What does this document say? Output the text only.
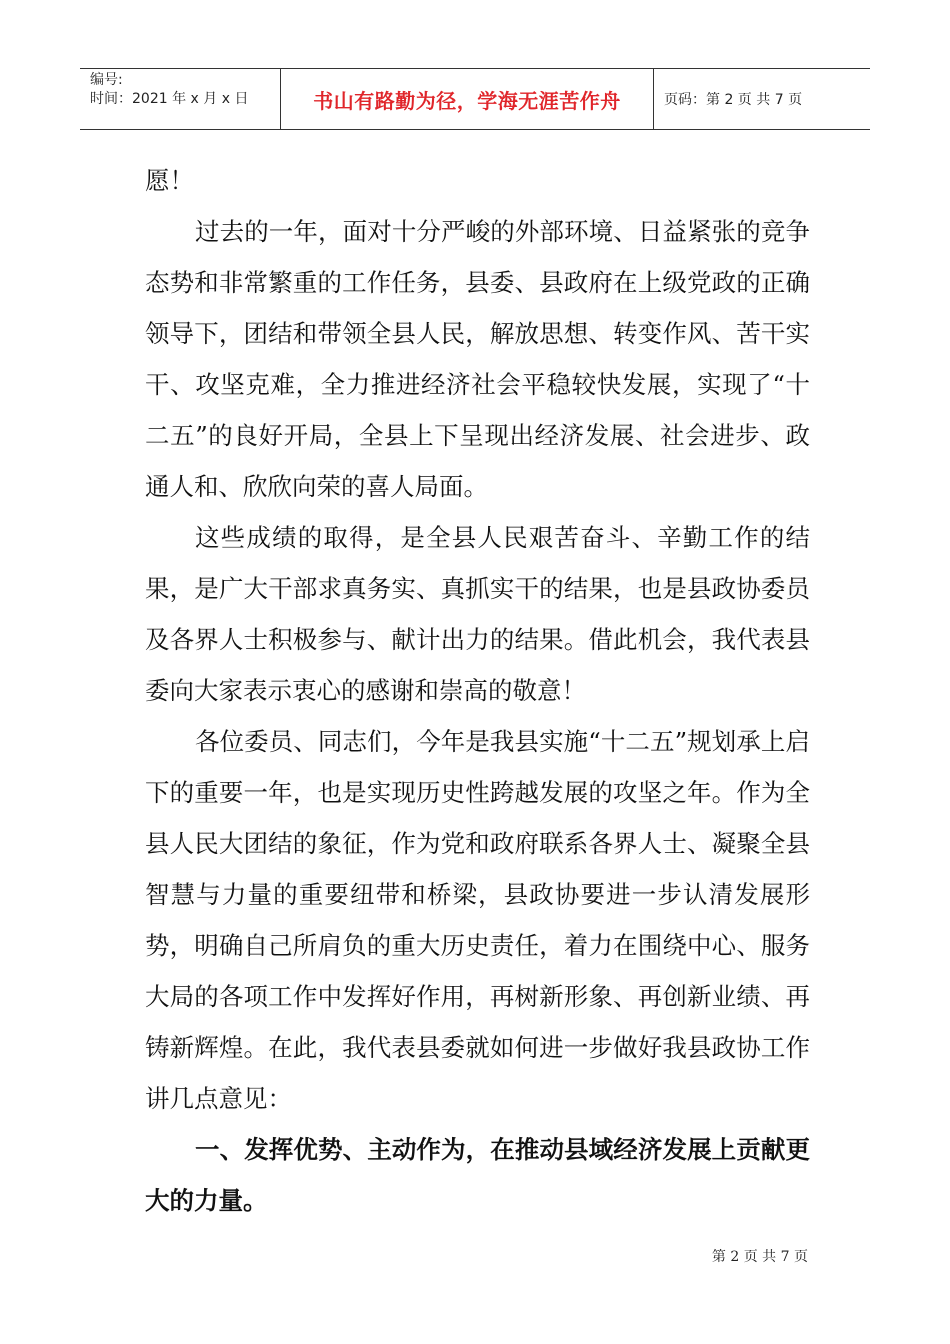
编号:
时间：2021 年 x 月 x 日	书山有路勤为径，学海无涯苦作舟	页码：第 2 页 共 7 页

愿！

过去的一年，面对十分严峻的外部环境、日益紧张的竞争态势和非常繁重的工作任务，县委、县政府在上级党政的正确领导下，团结和带领全县人民，解放思想、转变作风、苦干实干、攻坚克难，全力推进经济社会平稳较快发展，实现了“十二五”的良好开局，全县上下呈现出经济发展、社会进步、政通人和、欣欣向荣的喜人局面。

这些成绩的取得，是全县人民艰苦奋斗、辛勤工作的结果，是广大干部求真务实、真抓实干的结果，也是县政协委员及各界人士积极参与、献计出力的结果。借此机会，我代表县委向大家表示衷心的感谢和崇高的敬意！

各位委员、同志们，今年是我县实施“十二五”规划承上启下的重要一年，也是实现历史性跨越发展的攻坚之年。作为全县人民大团结的象征，作为党和政府联系各界人士、凝聚全县智慧与力量的重要纽带和桥梁，县政协要进一步认清发展形势，明确自己所肩负的重大历史责任，着力在围绕中心、服务大局的各项工作中发挥好作用，再树新形象、再创新业绩、再铸新辉煌。在此，我代表县委就如何进一步做好我县政协工作讲几点意见：

一、发挥优势、主动作为，在推动县域经济发展上贡献更大的力量。

第 2 页 共 7 页
